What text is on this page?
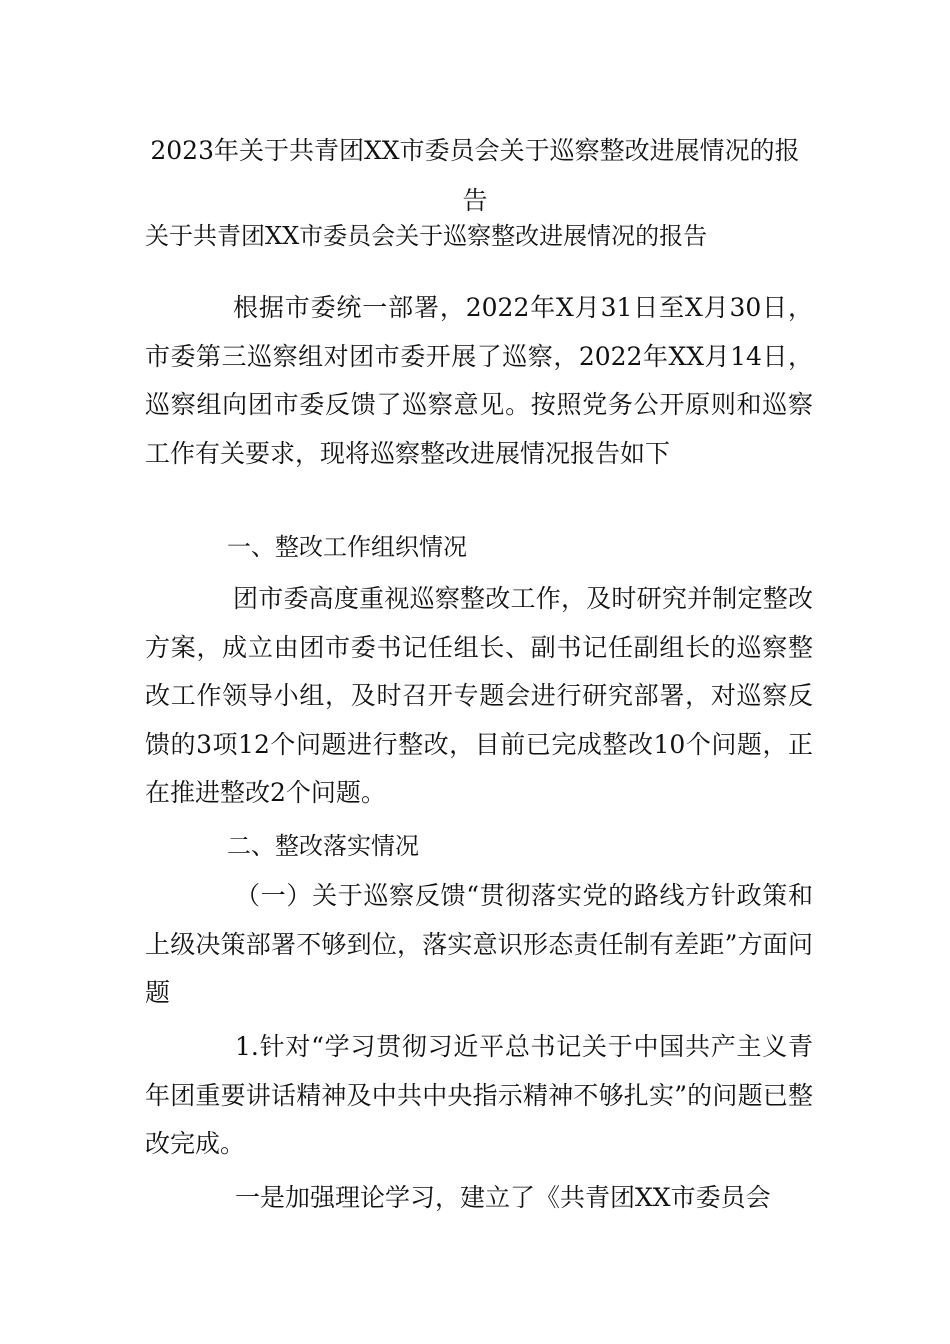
2023年关于共青团XX市委员会关于巡察整改进展情况的报告
关于共青团XX市委员会关于巡察整改进展情况的报告
根据市委统一部署，2022年X月31日至X月30日，市委第三巡察组对团市委开展了巡察，2022年XX月14日，巡察组向团市委反馈了巡察意见。按照党务公开原则和巡察工作有关要求，现将巡察整改进展情况报告如下
一、整改工作组织情况
团市委高度重视巡察整改工作，及时研究并制定整改方案，成立由团市委书记任组长、副书记任副组长的巡察整改工作领导小组，及时召开专题会进行研究部署，对巡察反馈的3项12个问题进行整改，目前已完成整改10个问题，正在推进整改2个问题。
二、整改落实情况
（一）关于巡察反馈“贯彻落实党的路线方针政策和上级决策部署不够到位，落实意识形态责任制有差距”方面问题
1.针对“学习贯彻习近平总书记关于中国共产主义青年团重要讲话精神及中共中央指示精神不够扎实”的问题已整改完成。
一是加强理论学习，建立了《共青团XX市委员会
